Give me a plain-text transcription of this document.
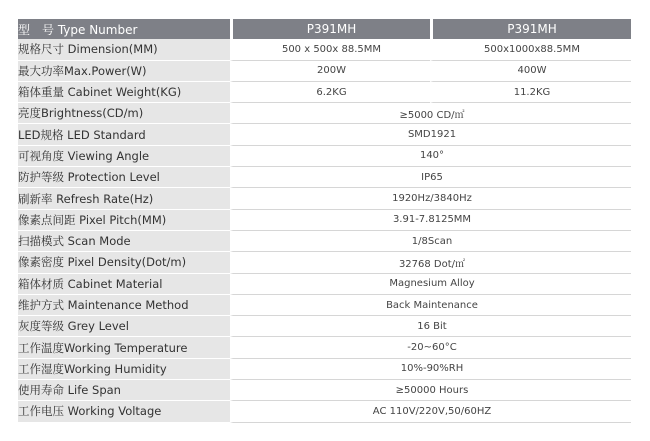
型　号 Type Number	P391MH	P391MH
规格尺寸 Dimension(MM)	500 x 500x 88.5MM	500x1000x88.5MM
最大功率Max.Power(W)	200W	400W
箱体重量 Cabinet Weight(KG)	6.2KG	11.2KG
亮度Brightness(CD/m)	≥5000 CD/㎡	
LED规格 LED Standard	SMD1921	
可视角度 Viewing Angle	140°	
防护等级 Protection Level	IP65	
刷新率 Refresh Rate(Hz)	1920Hz/3840Hz	
像素点间距 Pixel Pitch(MM)	3.91-7.8125MM	
扫描模式 Scan Mode	1/8Scan	
像素密度 Pixel Density(Dot/m)	32768 Dot/㎡	
箱体材质 Cabinet Material	Magnesium Alloy	
维护方式 Maintenance Method	Back Maintenance	
灰度等级 Grey Level	16 Bit	
工作温度Working Temperature	-20~60°C	
工作湿度Working Humidity	10%-90%RH	
使用寿命 Life Span	≥50000 Hours	
工作电压 Working Voltage	AC 110V/220V,50/60HZ	
